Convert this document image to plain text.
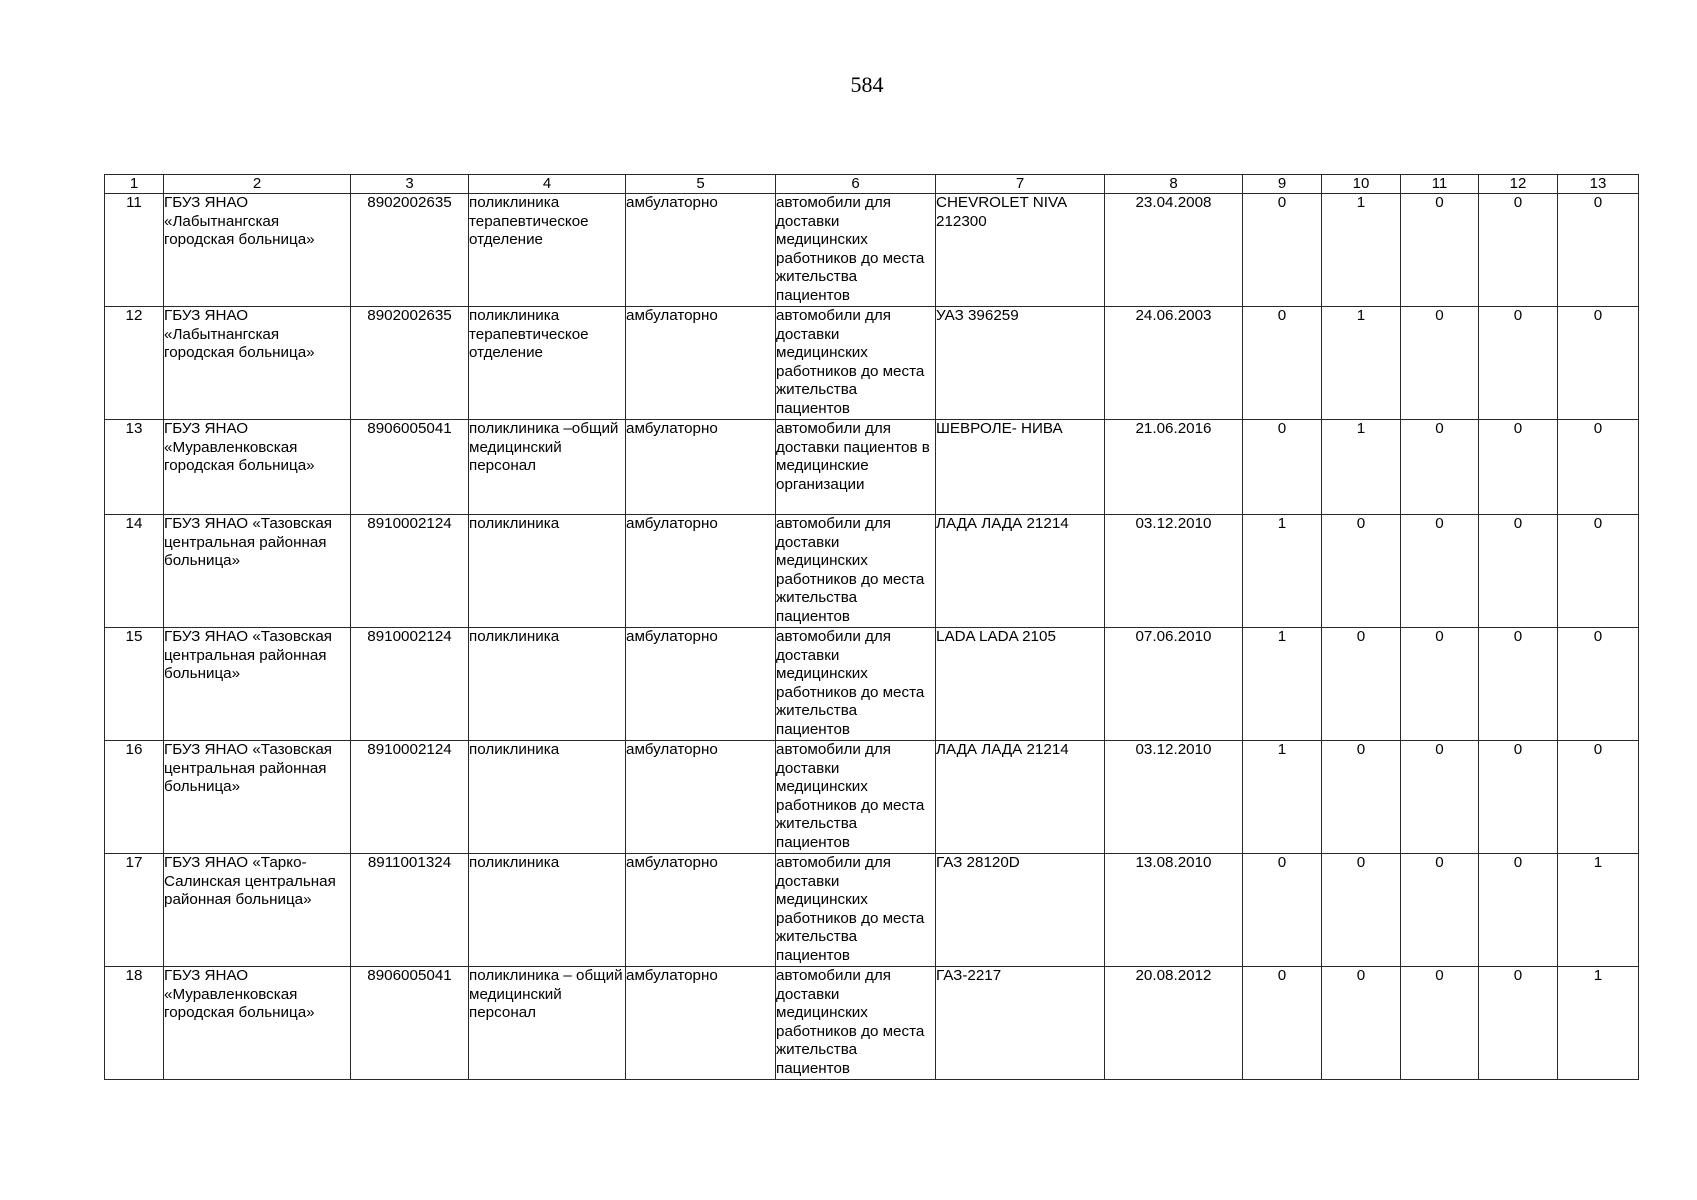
584
1	2	3	4	5	6	7	8	9	10	11	12	13
11	ГБУЗ ЯНАО «Лабытнангская городская больница»	8902002635	поликлиника терапевтическое отделение	амбулаторно	автомобили для доставки медицинских работников до места жительства пациентов	CHEVROLET NIVA 212300	23.04.2008	0	1	0	0	0
12	ГБУЗ ЯНАО «Лабытнангская городская больница»	8902002635	поликлиника терапевтическое отделение	амбулаторно	автомобили для доставки медицинских работников до места жительства пациентов	УАЗ 396259	24.06.2003	0	1	0	0	0
13	ГБУЗ ЯНАО «Муравленковская городская больница»	8906005041	поликлиника –общий медицинский персонал	амбулаторно	автомобили для доставки пациентов в медицинские организации	ШЕВРОЛЕ- НИВА	21.06.2016	0	1	0	0	0
14	ГБУЗ ЯНАО «Тазовская центральная районная больница»	8910002124	поликлиника	амбулаторно	автомобили для доставки медицинских работников до места жительства пациентов	ЛАДА ЛАДА 21214	03.12.2010	1	0	0	0	0
15	ГБУЗ ЯНАО «Тазовская центральная районная больница»	8910002124	поликлиника	амбулаторно	автомобили для доставки медицинских работников до места жительства пациентов	LADA LADA 2105	07.06.2010	1	0	0	0	0
16	ГБУЗ ЯНАО «Тазовская центральная районная больница»	8910002124	поликлиника	амбулаторно	автомобили для доставки медицинских работников до места жительства пациентов	ЛАДА ЛАДА 21214	03.12.2010	1	0	0	0	0
17	ГБУЗ ЯНАО «Тарко-Салинская центральная районная больница»	8911001324	поликлиника	амбулаторно	автомобили для доставки медицинских работников до места жительства пациентов	ГАЗ 28120D	13.08.2010	0	0	0	0	1
18	ГБУЗ ЯНАО «Муравленковская городская больница»	8906005041	поликлиника – общий медицинский персонал	амбулаторно	автомобили для доставки медицинских работников до места жительства пациентов	ГАЗ-2217	20.08.2012	0	0	0	0	1
